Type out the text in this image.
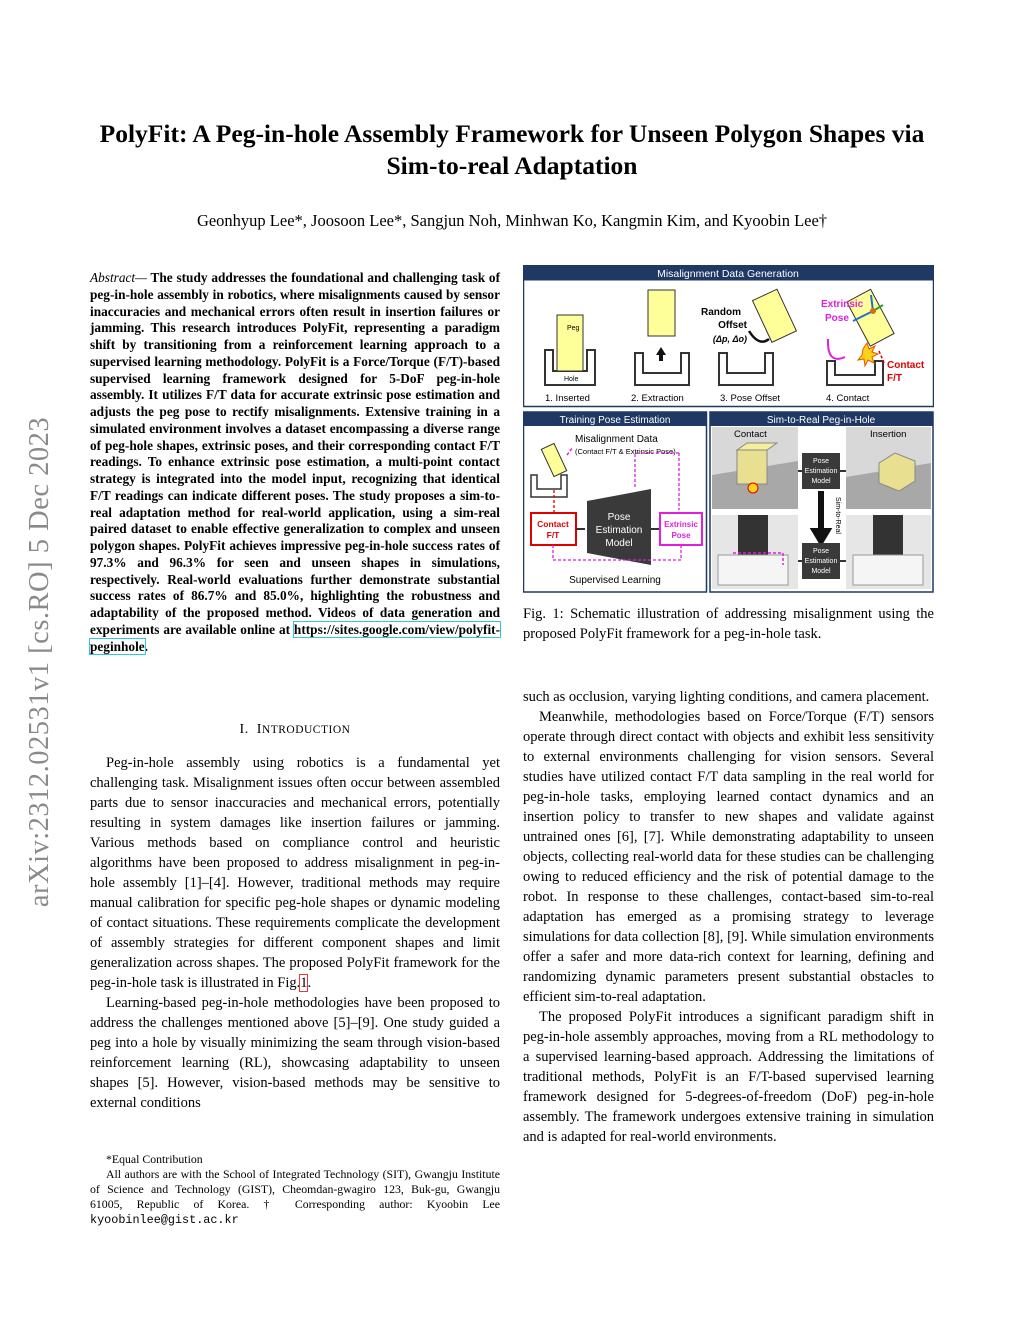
arXiv:2312.02531v1 [cs.RO] 5 Dec 2023
PolyFit: A Peg-in-hole Assembly Framework for Unseen Polygon Shapes via Sim-to-real Adaptation
Geonhyup Lee*, Joosoon Lee*, Sangjun Noh, Minhwan Ko, Kangmin Kim, and Kyoobin Lee†
Abstract— The study addresses the foundational and challenging task of peg-in-hole assembly in robotics, where misalignments caused by sensor inaccuracies and mechanical errors often result in insertion failures or jamming. This research introduces PolyFit, representing a paradigm shift by transitioning from a reinforcement learning approach to a supervised learning methodology. PolyFit is a Force/Torque (F/T)-based supervised learning framework designed for 5-DoF peg-in-hole assembly. It utilizes F/T data for accurate extrinsic pose estimation and adjusts the peg pose to rectify misalignments. Extensive training in a simulated environment involves a dataset encompassing a diverse range of peg-hole shapes, extrinsic poses, and their corresponding contact F/T readings. To enhance extrinsic pose estimation, a multi-point contact strategy is integrated into the model input, recognizing that identical F/T readings can indicate different poses. The study proposes a sim-to-real adaptation method for real-world application, using a sim-real paired dataset to enable effective generalization to complex and unseen polygon shapes. PolyFit achieves impressive peg-in-hole success rates of 97.3% and 96.3% for seen and unseen shapes in simulations, respectively. Real-world evaluations further demonstrate substantial success rates of 86.7% and 85.0%, highlighting the robustness and adaptability of the proposed method. Videos of data generation and experiments are available online at https://sites.google.com/view/polyfit-peginhole.
I. INTRODUCTION

Peg-in-hole assembly using robotics is a fundamental yet challenging task. Misalignment issues often occur between assembled parts due to sensor inaccuracies and mechanical errors, potentially resulting in system damages like insertion failures or jamming. Various methods based on compliance control and heuristic algorithms have been proposed to address misalignment in peg-in-hole assembly [1]–[4]. However, traditional methods may require manual calibration for specific peg-hole shapes or dynamic modeling of contact situations. These requirements complicate the development of assembly strategies for different component shapes and limit generalization across shapes. The proposed PolyFit framework for the peg-in-hole task is illustrated in Fig.1.

Learning-based peg-in-hole methodologies have been proposed to address the challenges mentioned above [5]–[9]. One study guided a peg into a hole by visually minimizing the seam through vision-based reinforcement learning (RL), showcasing adaptability to unseen shapes [5]. However, vision-based methods may be sensitive to external conditions

*Equal Contribution
All authors are with the School of Integrated Technology (SIT), Gwangju Institute of Science and Technology (GIST), Cheomdan-gwagiro 123, Buk-gu, Gwangju 61005, Republic of Korea. † Corresponding author: Kyoobin Lee kyoobinlee@gist.ac.kr
Misalignment Data Generation
Peg
Hole
1. Inserted	2. Extraction
Random
Offset
(Δp, Δo)
3. Pose Offset
Extrinsic
Pose
Contact
F/T
4. Contact
Training Pose Estimation
Misalignment Data
(Contact F/T & Extrinsic Pose)
Contact
F/T
Pose
Estimation
Model
Extrinsic
Pose
Supervised Learning
Sim-to-Real Peg-in-Hole
Contact	Insertion
Pose
Estimation
Model
Sim-to-Real
Pose
Estimation
Model
Fig. 1: Schematic illustration of addressing misalignment using the proposed PolyFit framework for a peg-in-hole task.

such as occlusion, varying lighting conditions, and camera placement.

Meanwhile, methodologies based on Force/Torque (F/T) sensors operate through direct contact with objects and exhibit less sensitivity to external environments challenging for vision sensors. Several studies have utilized contact F/T data sampling in the real world for peg-in-hole tasks, employing learned contact dynamics and an insertion policy to transfer to new shapes and validate against untrained ones [6], [7]. While demonstrating adaptability to unseen objects, collecting real-world data for these studies can be challenging owing to reduced efficiency and the risk of potential damage to the robot. In response to these challenges, contact-based sim-to-real adaptation has emerged as a promising strategy to leverage simulations for data collection [8], [9]. While simulation environments offer a safer and more data-rich context for learning, defining and randomizing dynamic parameters present substantial obstacles to efficient sim-to-real adaptation.

The proposed PolyFit introduces a significant paradigm shift in peg-in-hole assembly approaches, moving from a RL methodology to a supervised learning-based approach. Addressing the limitations of traditional methods, PolyFit is an F/T-based supervised learning framework designed for 5-degrees-of-freedom (DoF) peg-in-hole assembly. The framework undergoes extensive training in simulation and is adapted for real-world environments.
